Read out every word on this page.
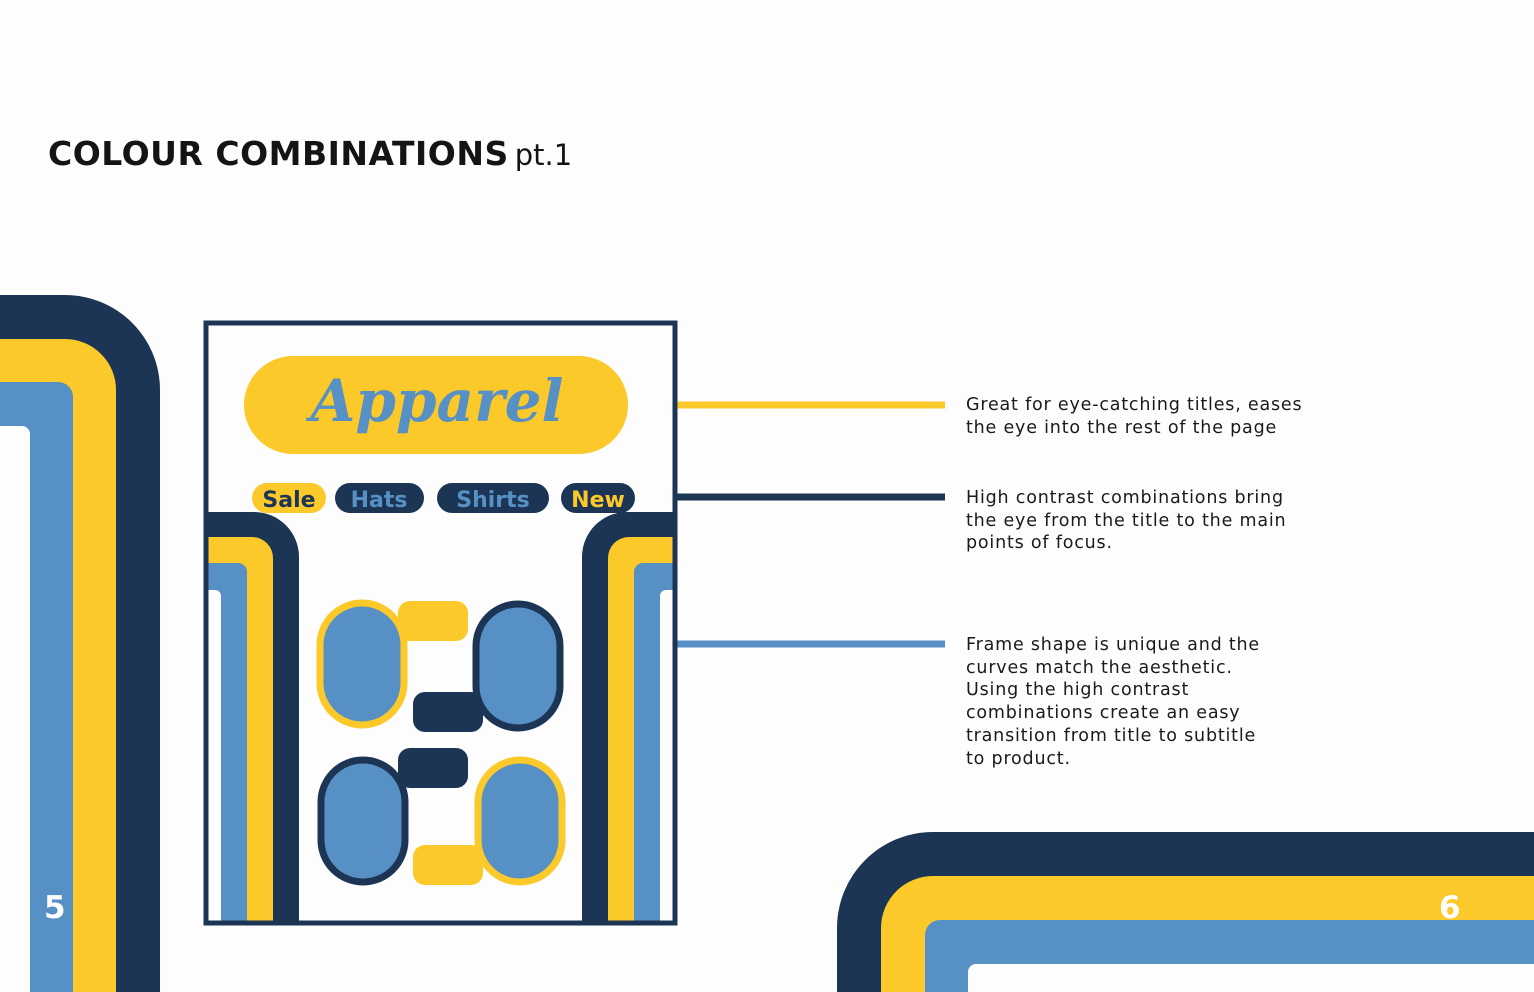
COLOUR COMBINATIONS pt.1
Apparel
Sale Hats Shirts New

Great for eye-catching titles, eases
the eye into the rest of the page

High contrast combinations bring
the eye from the title to the main
points of focus.

Frame shape is unique and the
curves match the aesthetic.
Using the high contrast
combinations create an easy
transition from title to subtitle
to product.

5	6
